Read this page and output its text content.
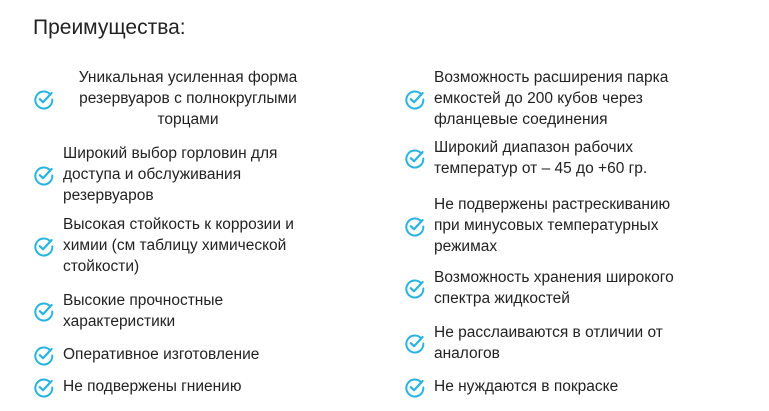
Преимущества:
Уникальная усиленная форма резервуаров с полнокруглыми торцами
Широкий выбор горловин для доступа и обслуживания резервуаров
Высокая стойкость к коррозии и химии (см таблицу химической стойкости)
Высокие прочностные характеристики
Оперативное изготовление
Не подвержены гниению
Возможность расширения парка емкостей до 200 кубов через фланцевые соединения
Широкий диапазон рабочих температур от – 45 до +60 гр.
Не подвержены растрескиванию при минусовых температурных режимах
Возможность хранения широкого спектра жидкостей
Не расслаиваются в отличии от аналогов
Не нуждаются в покраске
